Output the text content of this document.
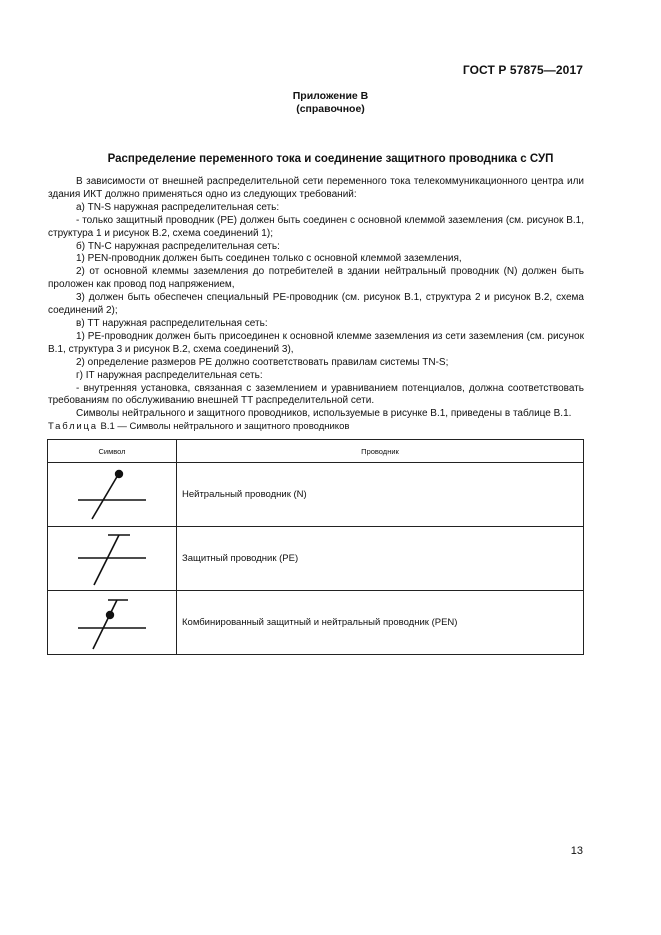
ГОСТ Р 57875—2017
Приложение В
(справочное)
Распределение переменного тока и соединение защитного проводника с СУП

В зависимости от внешней распределительной сети переменного тока телекоммуникационного центра или здания ИКТ должно применяться одно из следующих требований:

а) TN-S наружная распределительная сеть:

- только защитный проводник (PE) должен быть соединен с основной клеммой заземления (см. рисунок В.1, структура 1 и рисунок В.2, схема соединений 1);

б) TN-C наружная распределительная сеть:

1) PEN-проводник должен быть соединен только с основной клеммой заземления,

2) от основной клеммы заземления до потребителей в здании нейтральный проводник (N) должен быть проложен как провод под напряжением,

3) должен быть обеспечен специальный PE-проводник (см. рисунок В.1, структура 2 и рисунок В.2, схема соединений 2);

в) TT наружная распределительная сеть:

1) PE-проводник должен быть присоединен к основной клемме заземления из сети заземления (см. рисунок В.1, структура 3 и рисунок В.2, схема соединений 3),

2) определение размеров PE должно соответствовать правилам системы TN-S;

г) IT наружная распределительная сеть:

- внутренняя установка, связанная с заземлением и уравниванием потенциалов, должна соответствовать требованиям по обслуживанию внешней TT распределительной сети.

Символы нейтрального и защитного проводников, используемые в рисунке В.1, приведены в таблице В.1.

Таблица В.1 — Символы нейтрального и защитного проводников
Символ	Проводник

	Нейтральный проводник (N)

	Защитный проводник (PE)

	Комбинированный защитный и нейтральный проводник (PEN)
13
